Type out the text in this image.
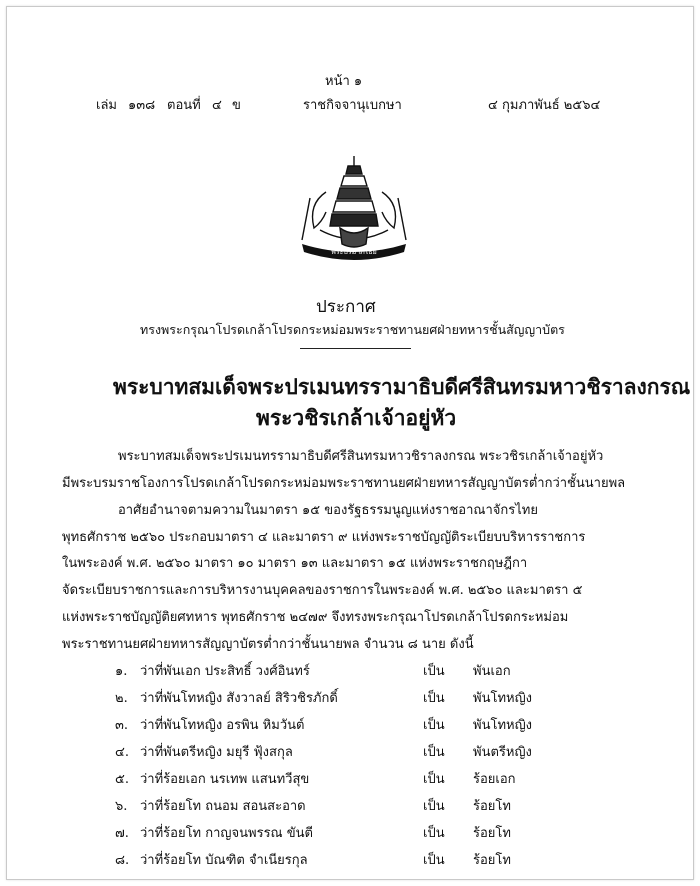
หน้า ๑
เล่ม ๑๓๘ ตอนที่ ๔ ข	ราชกิจจานุเบกษา	๔ กุมภาพันธ์ ๒๕๖๔
พระปรมาภิไธย
ประกาศ
ทรงพระกรุณาโปรดเกล้าโปรดกระหม่อมพระราชทานยศฝ่ายทหารชั้นสัญญาบัตร
พระบาทสมเด็จพระปรเมนทรรามาธิบดีศรีสินทรมหาวชิราลงกรณ
พระวชิรเกล้าเจ้าอยู่หัว
พระบาทสมเด็จพระปรเมนทรรามาธิบดีศรีสินทรมหาวชิราลงกรณ พระวชิรเกล้าเจ้าอยู่หัว
มีพระบรมราชโองการโปรดเกล้าโปรดกระหม่อมพระราชทานยศฝ่ายทหารสัญญาบัตรต่ำกว่าชั้นนายพล
อาศัยอำนาจตามความในมาตรา ๑๕ ของรัฐธรรมนูญแห่งราชอาณาจักรไทย
พุทธศักราช ๒๕๖๐ ประกอบมาตรา ๔ และมาตรา ๙ แห่งพระราชบัญญัติระเบียบบริหารราชการ
ในพระองค์ พ.ศ. ๒๕๖๐ มาตรา ๑๐ มาตรา ๑๓ และมาตรา ๑๕ แห่งพระราชกฤษฎีกา
จัดระเบียบราชการและการบริหารงานบุคคลของราชการในพระองค์ พ.ศ. ๒๕๖๐ และมาตรา ๕
แห่งพระราชบัญญัติยศทหาร พุทธศักราช ๒๔๗๙ จึงทรงพระกรุณาโปรดเกล้าโปรดกระหม่อม
พระราชทานยศฝ่ายทหารสัญญาบัตรต่ำกว่าชั้นนายพล จำนวน ๘ นาย ดังนี้
๑. ว่าที่พันเอก ประสิทธิ์ วงศ์อินทร์	เป็น พันเอก
๒. ว่าที่พันโทหญิง สังวาลย์ สิริวชิรภักดิ์	เป็น พันโทหญิง
๓. ว่าที่พันโทหญิง อรพิน หิมวันต์	เป็น พันโทหญิง
๔. ว่าที่พันตรีหญิง มยุรี ฟุ้งสกุล	เป็น พันตรีหญิง
๕. ว่าที่ร้อยเอก นรเทพ แสนทวีสุข	เป็น ร้อยเอก
๖. ว่าที่ร้อยโท ถนอม สอนสะอาด	เป็น ร้อยโท
๗. ว่าที่ร้อยโท กาญจนพรรณ ขันตี	เป็น ร้อยโท
๘. ว่าที่ร้อยโท บัณฑิต จำเนียรกุล	เป็น ร้อยโท
